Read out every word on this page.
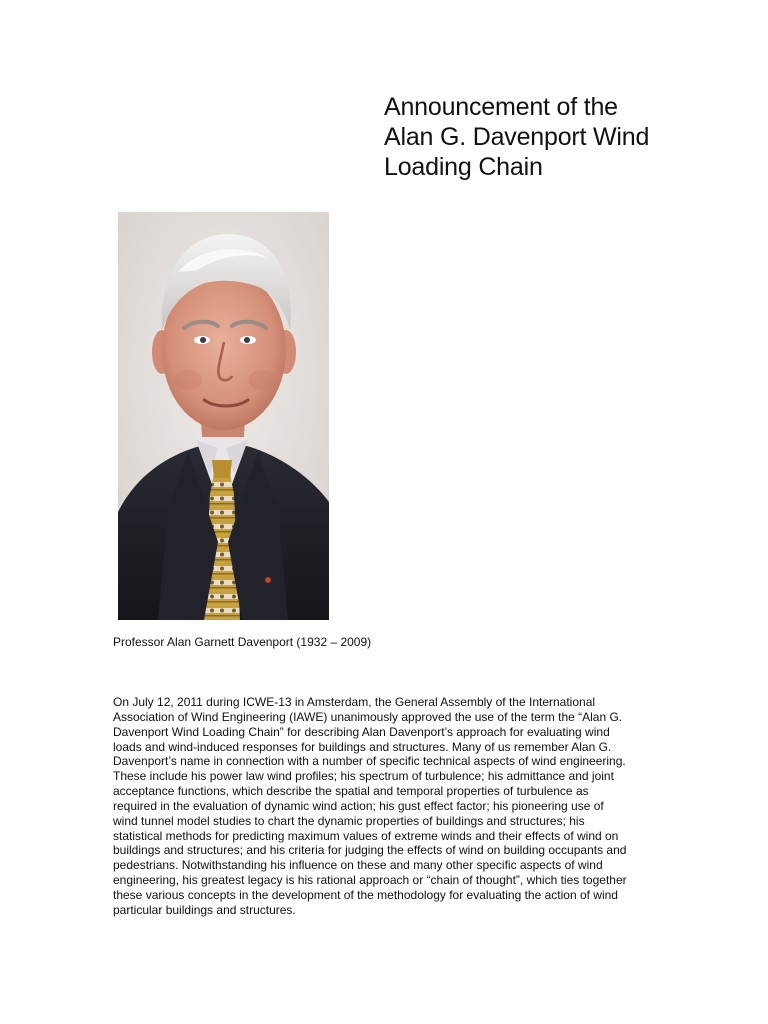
Announcement of the
Alan G. Davenport Wind
Loading Chain

Professor Alan Garnett Davenport (1932 – 2009)

On July 12, 2011 during ICWE-13 in Amsterdam, the General Assembly of the International
Association of Wind Engineering (IAWE) unanimously approved the use of the term the “Alan G.
Davenport Wind Loading Chain” for describing Alan Davenport’s approach for evaluating wind
loads and wind-induced responses for buildings and structures. Many of us remember Alan G.
Davenport’s name in connection with a number of specific technical aspects of wind engineering.
These include his power law wind profiles; his spectrum of turbulence; his admittance and joint
acceptance functions, which describe the spatial and temporal properties of turbulence as
required in the evaluation of dynamic wind action; his gust effect factor; his pioneering use of
wind tunnel model studies to chart the dynamic properties of buildings and structures; his
statistical methods for predicting maximum values of extreme winds and their effects of wind on
buildings and structures; and his criteria for judging the effects of wind on building occupants and
pedestrians. Notwithstanding his influence on these and many other specific aspects of wind
engineering, his greatest legacy is his rational approach or “chain of thought”, which ties together
these various concepts in the development of the methodology for evaluating the action of wind
particular buildings and structures.
